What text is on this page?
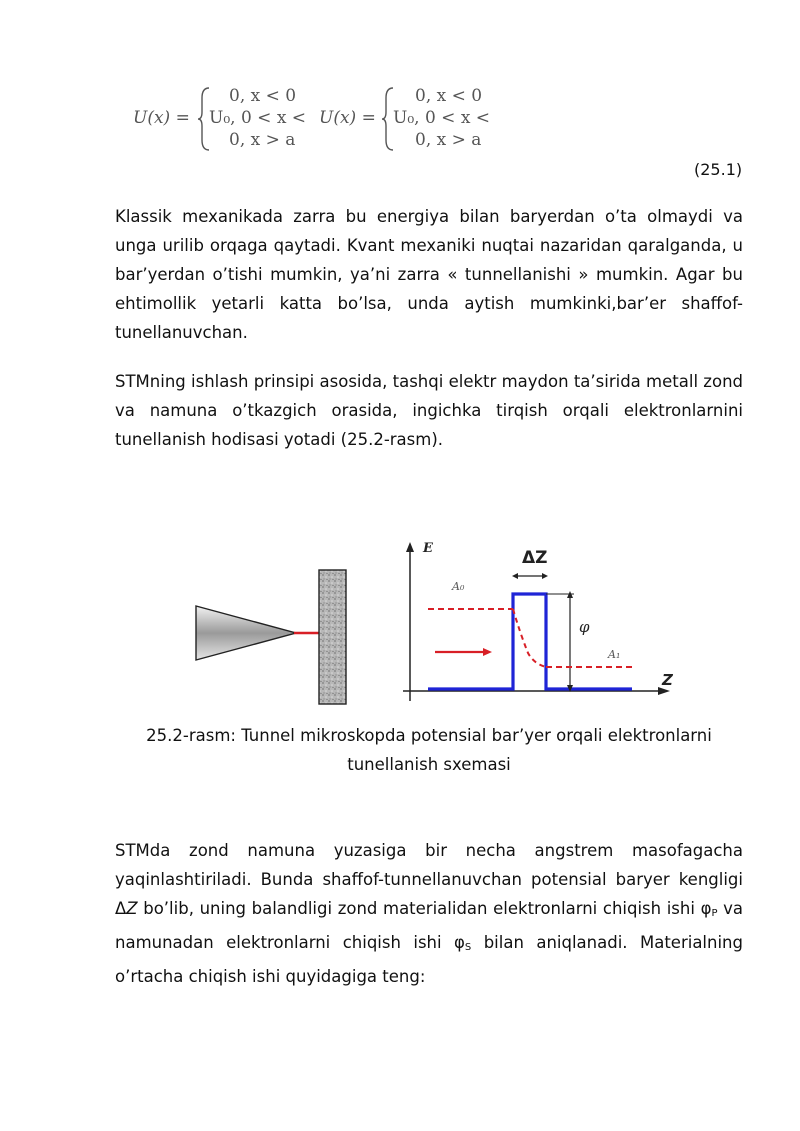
U(x) =
0, x < 0
U₀, 0 < x <
0, x > a
U(x) =
0, x < 0
U₀, 0 < x <
0, x > a
(25.1)

Klassik mexanikada zarra bu energiya bilan baryerdan o’ta olmaydi va unga urilib orqaga qaytadi. Kvant mexaniki nuqtai nazaridan qaralganda, u bar’yerdan o’tishi mumkin, ya’ni zarra « tunnellanishi » mumkin. Agar bu ehtimollik yetarli katta bo’lsa, unda aytish mumkinki,bar’er shaffof-tunellanuvchan.

STMning ishlash prinsipi asosida, tashqi elektr maydon ta’sirida metall zond va namuna o’tkazgich orasida, ingichka tirqish orqali elektronlarnini tunellanish hodisasi yotadi (25.2-rasm).

E
Z
ΔZ
φ
A₀
A₁
25.2-rasm: Tunnel mikroskopda potensial bar’yer orqali elektronlarni
tunellanish sxemasi

STMda zond namuna yuzasiga bir necha angstrem masofagacha yaqinlashtiriladi. Bunda shaffof-tunnellanuvchan potensial baryer kengligi ΔZ bo’lib, uning balandligi zond materialidan elektronlarni chiqish ishi $\varphi_P$ va namunadan elektronlarni chiqish ishi $\varphi_S$ bilan aniqlanadi. Materialning o’rtacha chiqish ishi quyidagiga teng:
